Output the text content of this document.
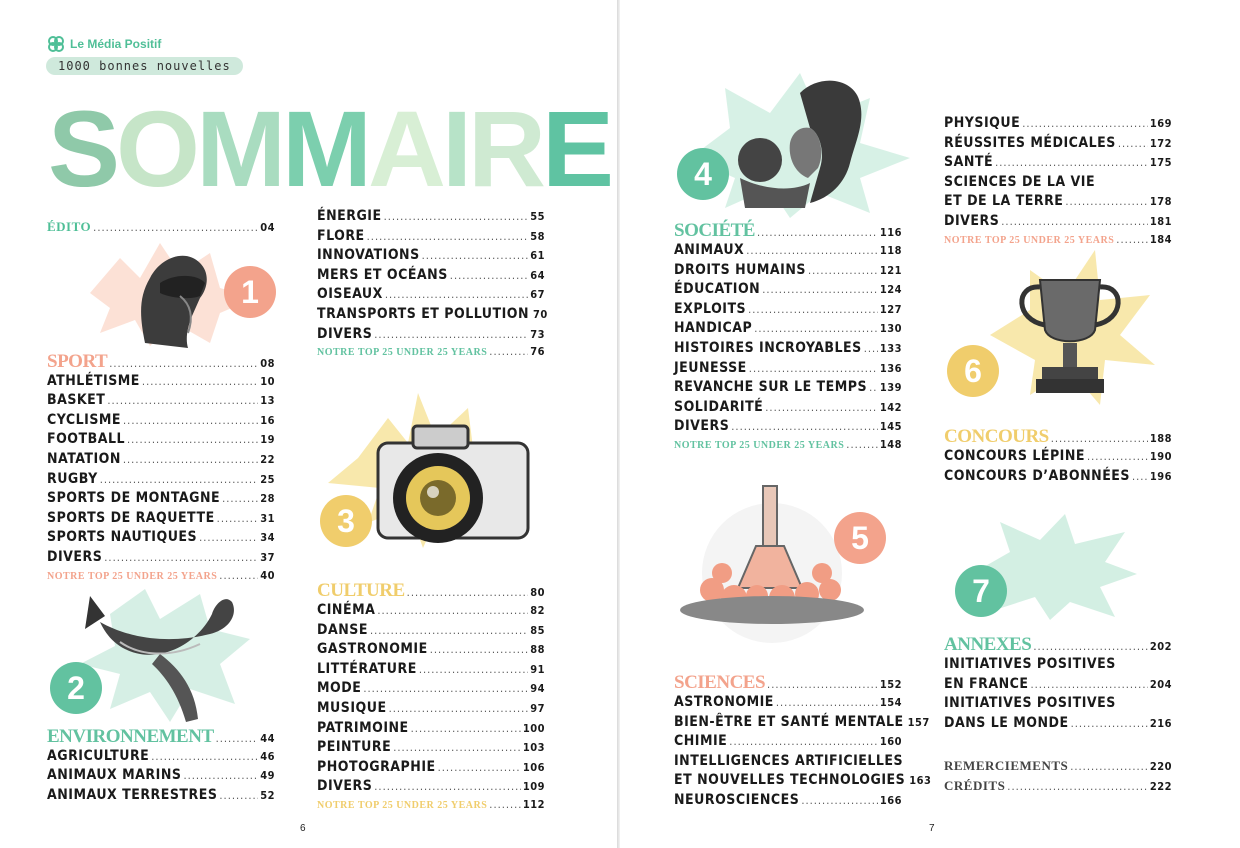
Le Média Positif
1000 bonnes nouvelles
SOMMAIRE
ÉDITO .....	04
SPORT .....	08
ATHLÉTISME .....	10
BASKET .....	13
CYCLISME .....	16
FOOTBALL .....	19
NATATION .....	22
RUGBY .....	25
SPORTS DE MONTAGNE .....	28
SPORTS DE RAQUETTE .....	31
SPORTS NAUTIQUES .....	34
DIVERS .....	37
NOTRE TOP 25 UNDER 25 YEARS .....	40
ENVIRONNEMENT .....	44
AGRICULTURE .....	46
ANIMAUX MARINS .....	49
ANIMAUX TERRESTRES .....	52
ÉNERGIE .....	55
FLORE .....	58
INNOVATIONS .....	61
MERS ET OCÉANS .....	64
OISEAUX .....	67
TRANSPORTS ET POLLUTION 70
DIVERS .....	73
NOTRE TOP 25 UNDER 25 YEARS .....	76
CULTURE .....	80
CINÉMA .....	82
DANSE .....	85
GASTRONOMIE .....	88
LITTÉRATURE .....	91
MODE .....	94
MUSIQUE .....	97
PATRIMOINE .....	100
PEINTURE .....	103
PHOTOGRAPHIE .....	106
DIVERS .....	109
NOTRE TOP 25 UNDER 25 YEARS .....	112
✿
1
✿
2
✿
3
6
✿
4
✿
5
✿
6
✿
7
SOCIÉTÉ .....	116
ANIMAUX .....	118
DROITS HUMAINS .....	121
ÉDUCATION .....	124
EXPLOITS .....	127
HANDICAP .....	130
HISTOIRES INCROYABLES ..... 133
JEUNESSE .....	136
REVANCHE SUR LE TEMPS ..... 139
SOLIDARITÉ .....	142
DIVERS .....	145
NOTRE TOP 25 UNDER 25 YEARS .....	148
SCIENCES .....	152
ASTRONOMIE .....	154
BIEN-ÊTRE ET SANTÉ MENTALE 157
CHIMIE .....	160
INTELLIGENCES ARTIFICIELLES
ET NOUVELLES TECHNOLOGIES 163
NEUROSCIENCES .....	166
PHYSIQUE .....	169
RÉUSSITES MÉDICALES .....	172
SANTÉ .....	175
SCIENCES DE LA VIE
ET DE LA TERRE .....	178
DIVERS .....	181
NOTRE TOP 25 UNDER 25 YEARS .....	184
CONCOURS .....	188
CONCOURS LÉPINE .....	190
CONCOURS D’ABONNÉES ..... 196
ANNEXES .....	202
INITIATIVES POSITIVES
EN FRANCE .....	204
INITIATIVES POSITIVES
DANS LE MONDE .....	216
REMERCIEMENTS .....	220
CRÉDITS .....	222
7
